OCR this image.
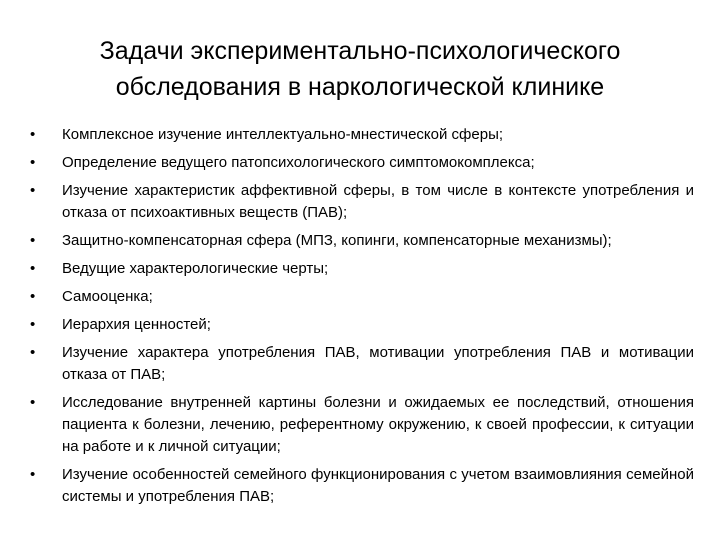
Задачи экспериментально-психологического обследования в наркологической клинике
•	Комплексное изучение интеллектуально-мнестической сферы;
•	Определение ведущего патопсихологического симптомокомплекса;
•	Изучение характеристик аффективной сферы, в том числе в контексте употребления и отказа от психоактивных веществ (ПАВ);
•	Защитно-компенсаторная сфера (МПЗ, копинги, компенсаторные механизмы);
•	Ведущие характерологические черты;
•	Самооценка;
•	Иерархия ценностей;
•	Изучение характера употребления ПАВ, мотивации употребления ПАВ и мотивации отказа от ПАВ;
•	Исследование внутренней картины болезни и ожидаемых ее последствий, отношения пациента к болезни, лечению, референтному окружению, к своей профессии, к ситуации на работе и к личной ситуации;
•	Изучение особенностей семейного функционирования с учетом взаимовлияния семейной системы и употребления ПАВ;
